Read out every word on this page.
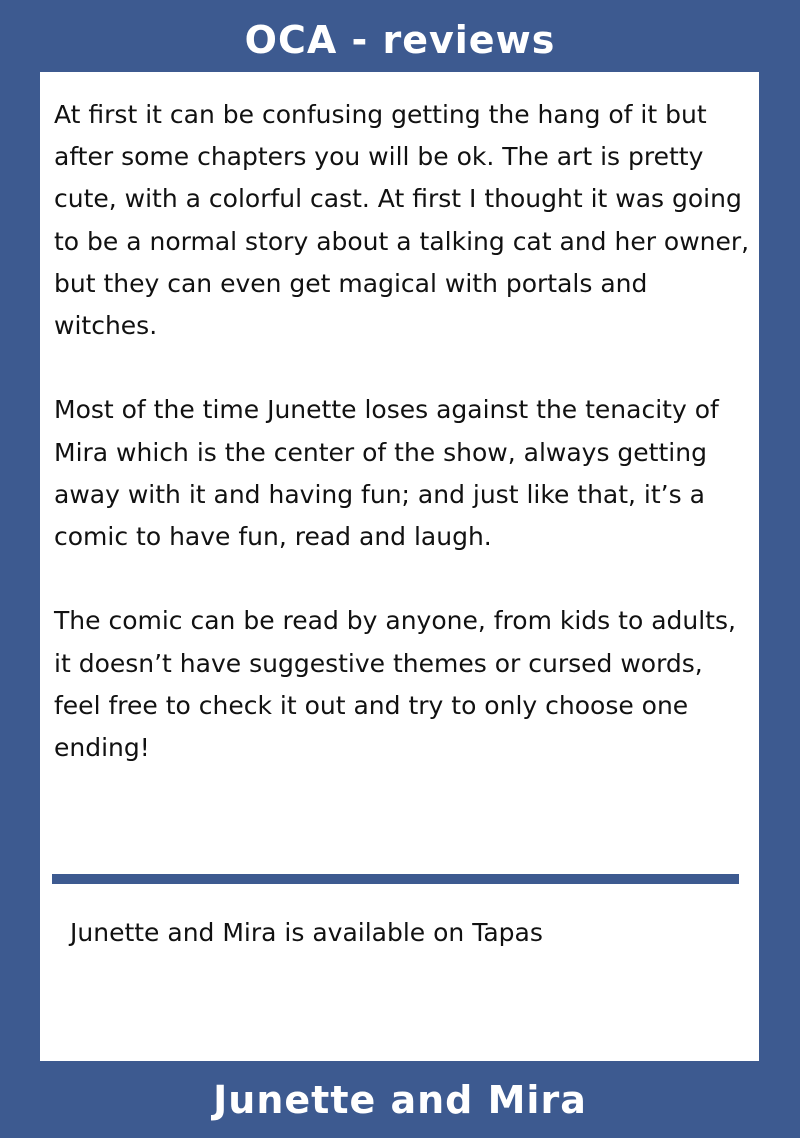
OCA - reviews

At first it can be confusing getting the hang of it but after some chapters you will be ok. The art is pretty cute, with a colorful cast. At first I thought it was going to be a normal story about a talking cat and her owner, but they can even get magical with portals and witches.

Most of the time Junette loses against the tenacity of Mira which is the center of the show, always getting away with it and having fun; and just like that, it’s a comic to have fun, read and laugh.

The comic can be read by anyone, from kids to adults, it doesn’t have suggestive themes or cursed words, feel free to check it out and try to only choose one ending!

Junette and Mira is available on Tapas
Junette and Mira
